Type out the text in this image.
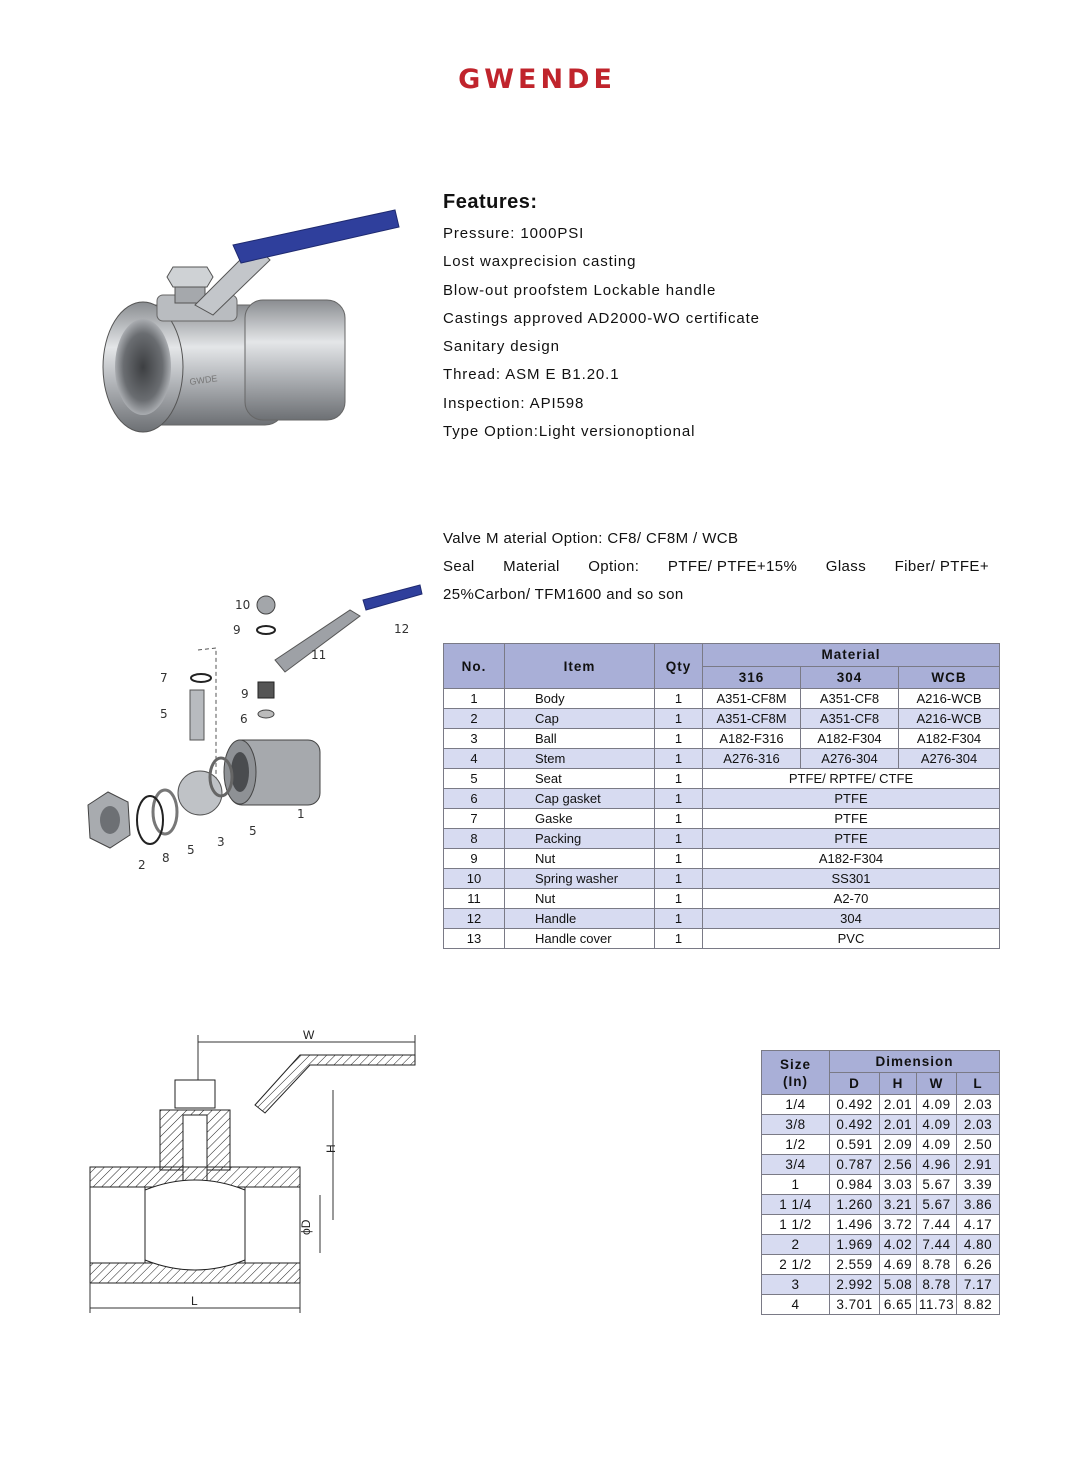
GWENDE
GWDE
Features:
Pressure: 1000PSI
Lost waxprecision casting
Blow-out proofstem Lockable handle
Castings approved AD2000-WO certificate
Sanitary design
Thread: ASM E B1.20.1
Inspection: API598
Type Option:Light versionoptional
Valve M aterial Option: CF8/ CF8M / WCB
Seal Material Option: PTFE/ PTFE+15% Glass Fiber/ PTFE+
25%Carbon/ TFM1600 and so son
10
9
11
12
7
5
9
6
1
5
3
5
8
2
No.	Item	Qty	Material		
			316	304	WCB
1	Body	1	A351-CF8M	A351-CF8	A216-WCB
2	Cap	1	A351-CF8M	A351-CF8	A216-WCB
3	Ball	1	A182-F316	A182-F304	A182-F304
4	Stem	1	A276-316	A276-304	A276-304
5	Seat	1	PTFE/ RPTFE/ CTFE		
6	Cap gasket	1	PTFE		
7	Gaske	1	PTFE		
8	Packing	1	PTFE		
9	Nut	1	A182-F304		
10	Spring washer	1	SS301		
11	Nut	1	A2-70		
12	Handle	1	304		
13	Handle cover	1	PVC		
W
H
ϕD
L
Size
(In)	Dimension			
	D	H	W	L
1/4	0.492	2.01	4.09	2.03
3/8	0.492	2.01	4.09	2.03
1/2	0.591	2.09	4.09	2.50
3/4	0.787	2.56	4.96	2.91
1	0.984	3.03	5.67	3.39
1 1/4	1.260	3.21	5.67	3.86
1 1/2	1.496	3.72	7.44	4.17
2	1.969	4.02	7.44	4.80
2 1/2	2.559	4.69	8.78	6.26
3	2.992	5.08	8.78	7.17
4	3.701	6.65	11.73	8.82
